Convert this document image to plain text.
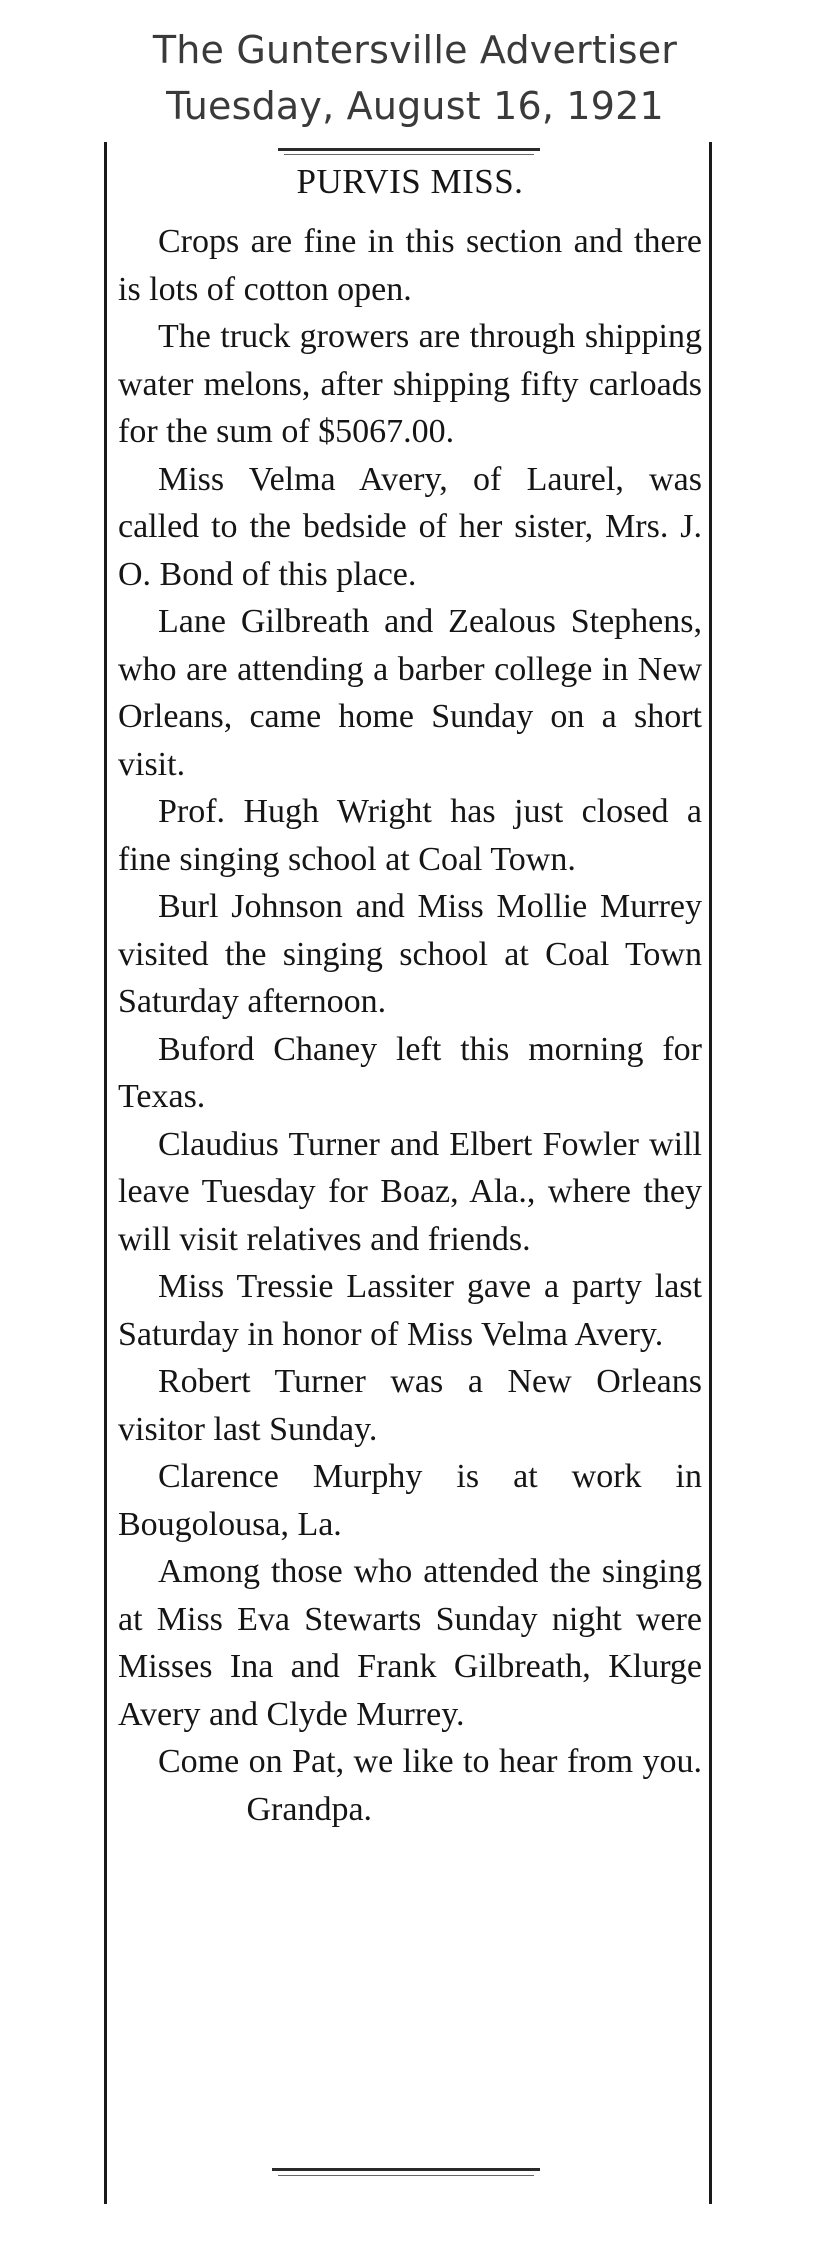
The Guntersville Advertiser
Tuesday, August 16, 1921
PURVIS MISS.

Crops are fine in this section and there is lots of cotton open.

The truck growers are through shipping water melons, after shipping fifty carloads for the sum of $5067.00.

Miss Velma Avery, of Laurel, was called to the bedside of her sister, Mrs. J. O. Bond of this place.

Lane Gilbreath and Zealous Stephens, who are attending a barber college in New Orleans, came home Sunday on a short visit.

Prof. Hugh Wright has just closed a fine singing school at Coal Town.

Burl Johnson and Miss Mollie Murrey visited the singing school at Coal Town Saturday afternoon.

Buford Chaney left this morning for Texas.

Claudius Turner and Elbert Fowler will leave Tuesday for Boaz, Ala., where they will visit relatives and friends.

Miss Tressie Lassiter gave a party last Saturday in honor of Miss Velma Avery.

Robert Turner was a New Orleans visitor last Sunday.

Clarence Murphy is at work in Bougolousa, La.

Among those who attended the singing at Miss Eva Stewarts Sunday night were Misses Ina and Frank Gilbreath, Klurge Avery and Clyde Murrey.

Come on Pat, we like to hear from you.  Grandpa.
